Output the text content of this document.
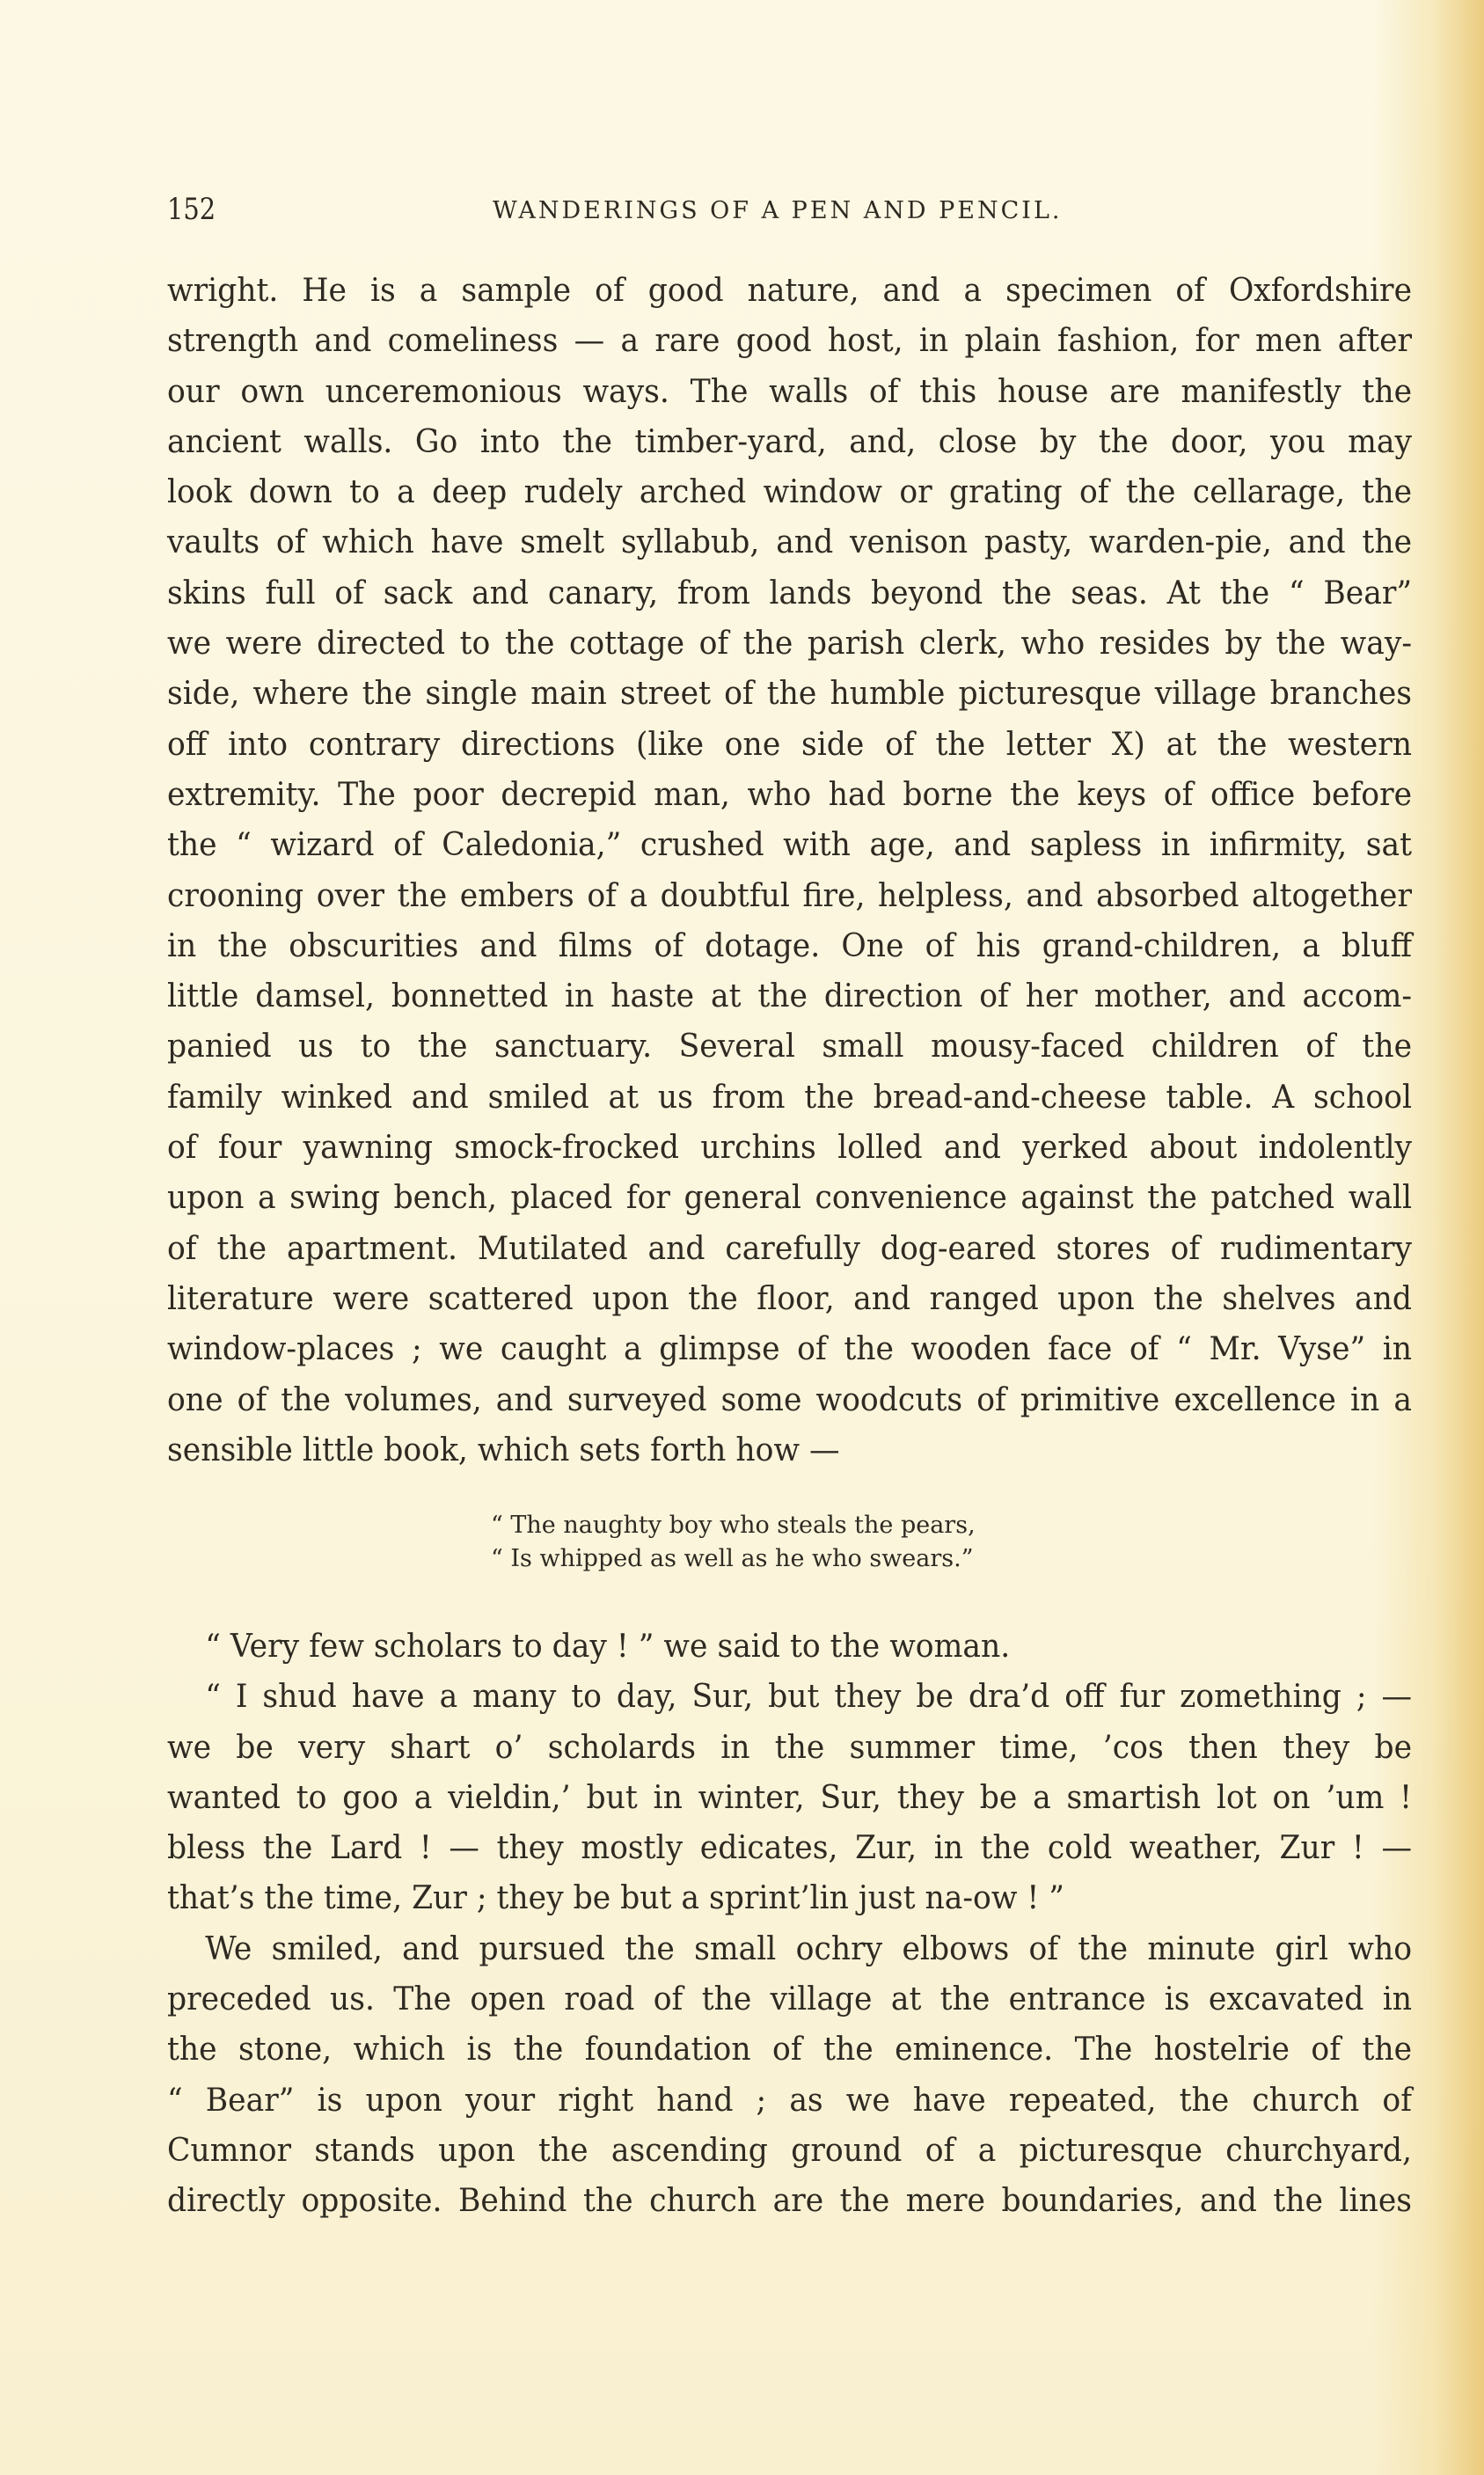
152	WANDERINGS OF A PEN AND PENCIL.
wright. He is a sample of good nature, and a specimen of Oxfordshire
strength and comeliness — a rare good host, in plain fashion, for men after
our own unceremonious ways. The walls of this house are manifestly the
ancient walls. Go into the timber-yard, and, close by the door, you may
look down to a deep rudely arched window or grating of the cellarage, the
vaults of which have smelt syllabub, and venison pasty, warden-pie, and the
skins full of sack and canary, from lands beyond the seas. At the “ Bear”
we were directed to the cottage of the parish clerk, who resides by the way-
side, where the single main street of the humble picturesque village branches
off into contrary directions (like one side of the letter X) at the western
extremity. The poor decrepid man, who had borne the keys of office before
the “ wizard of Caledonia,” crushed with age, and sapless in infirmity, sat
crooning over the embers of a doubtful fire, helpless, and absorbed altogether
in the obscurities and films of dotage. One of his grand-children, a bluff
little damsel, bonnetted in haste at the direction of her mother, and accom-
panied us to the sanctuary. Several small mousy-faced children of the
family winked and smiled at us from the bread-and-cheese table. A school
of four yawning smock-frocked urchins lolled and yerked about indolently
upon a swing bench, placed for general convenience against the patched wall
of the apartment. Mutilated and carefully dog-eared stores of rudimentary
literature were scattered upon the floor, and ranged upon the shelves and
window-places ; we caught a glimpse of the wooden face of “ Mr. Vyse” in
one of the volumes, and surveyed some woodcuts of primitive excellence in a
sensible little book, which sets forth how —
“ The naughty boy who steals the pears,
“ Is whipped as well as he who swears.”
“ Very few scholars to day ! ” we said to the woman.
“ I shud have a many to day, Sur, but they be dra’d off fur zomething ; —
we be very shart o’ scholards in the summer time, ’cos then they be
wanted to goo a vieldin,’ but in winter, Sur, they be a smartish lot on ’um !
bless the Lard ! — they mostly edicates, Zur, in the cold weather, Zur ! —
that’s the time, Zur ; they be but a sprint’lin just na-ow ! ”
We smiled, and pursued the small ochry elbows of the minute girl who
preceded us. The open road of the village at the entrance is excavated in
the stone, which is the foundation of the eminence. The hostelrie of the
“ Bear” is upon your right hand ; as we have repeated, the church of
Cumnor stands upon the ascending ground of a picturesque churchyard,
directly opposite. Behind the church are the mere boundaries, and the lines
